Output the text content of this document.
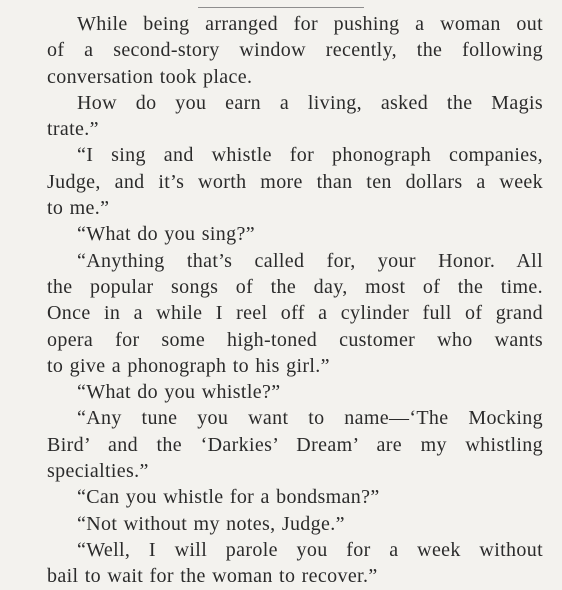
While being arranged for pushing a woman out
of a second-story window recently, the following
conversation took place.
How do you earn a living, asked the Magis
trate.”
“I sing and whistle for phonograph companies,
Judge, and it’s worth more than ten dollars a week
to me.”
“What do you sing?”
“Anything that’s called for, your Honor. All
the popular songs of the day, most of the time.
Once in a while I reel off a cylinder full of grand
opera for some high-toned customer who wants
to give a phonograph to his girl.”
“What do you whistle?”
“Any tune you want to name—‘The Mocking
Bird’ and the ‘Darkies’ Dream’ are my whistling
specialties.”
“Can you whistle for a bondsman?”
“Not without my notes, Judge.”
“Well, I will parole you for a week without
bail to wait for the woman to recover.”
